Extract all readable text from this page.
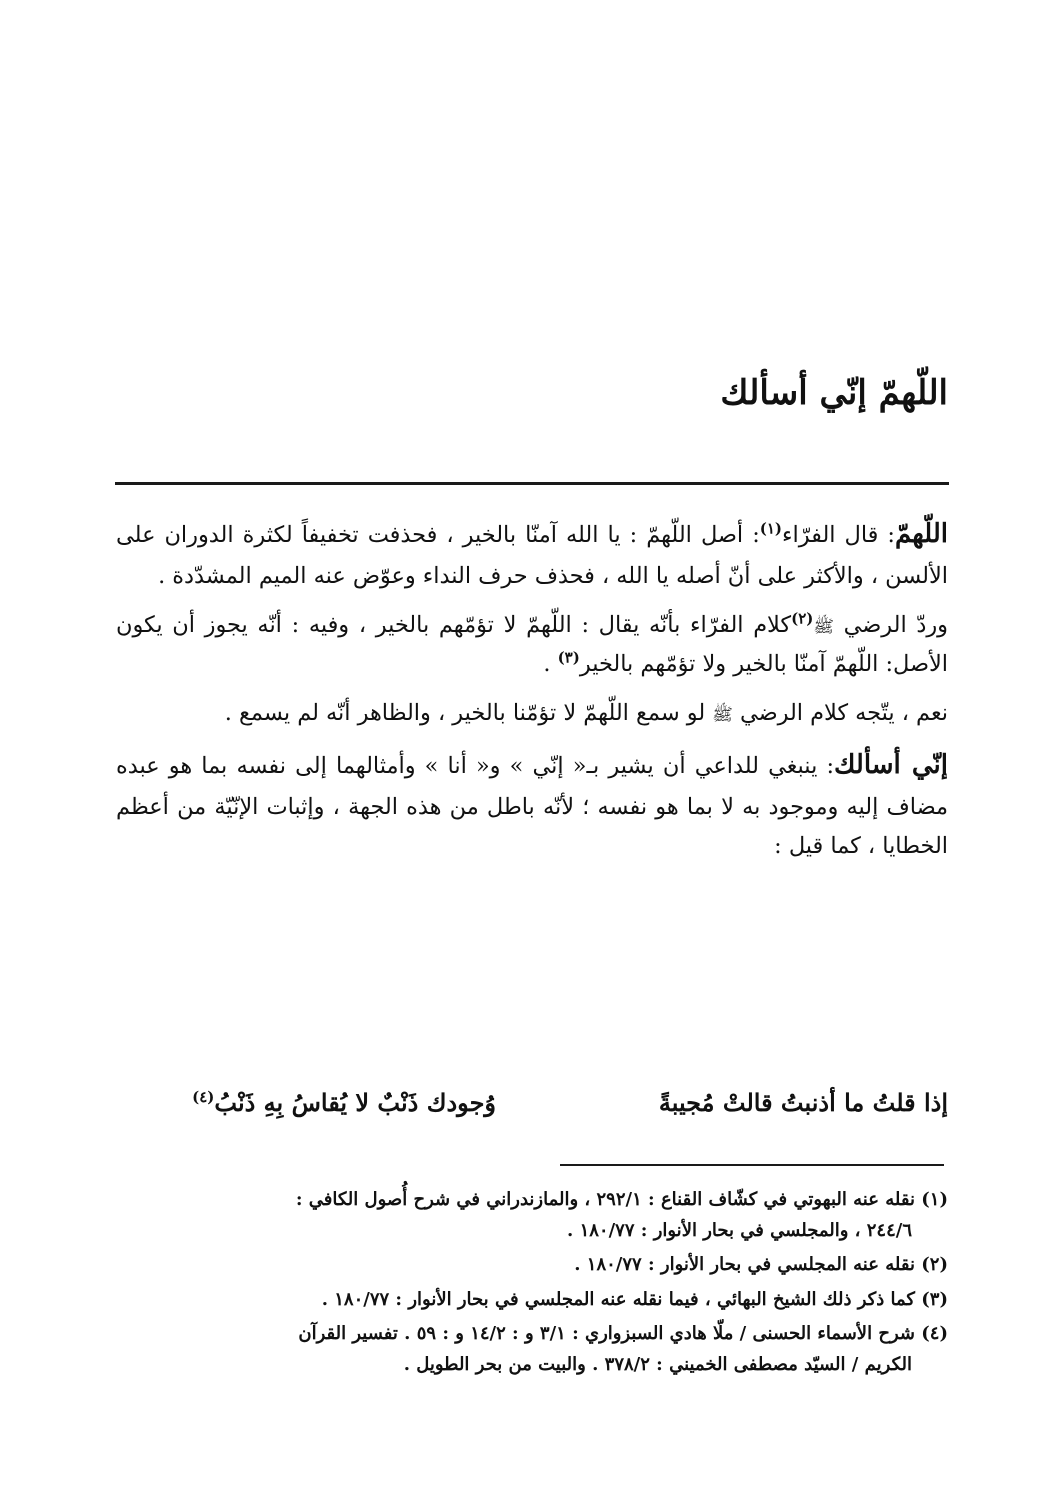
اللّهمّ إنّي أسألك

اللّهمّ: قال الفرّاء$^{(١)}$: أصل اللّهمّ : يا الله آمنّا بالخير ، فحذفت تخفيفاً لكثرة الدوران على الألسن ، والأكثر على أنّ أصله يا الله ، فحذف حرف النداء وعوّض عنه الميم المشدّدة .

وردّ الرضي ﷺ$^{(٢)}$كلام الفرّاء بأنّه يقال : اللّهمّ لا تؤمّهم بالخير ، وفيه : أنّه يجوز أن يكون الأصل: اللّهمّ آمنّا بالخير ولا تؤمّهم بالخير$^{(٣)}$ .

نعم ، يتّجه كلام الرضي ﷺ لو سمع اللّهمّ لا تؤمّنا بالخير ، والظاهر أنّه لم يسمع .

إنّي أسألك: ينبغي للداعي أن يشير بـ« إنّي » و« أنا » وأمثالهما إلى نفسه بما هو عبده مضاف إليه وموجود به لا بما هو نفسه ؛ لأنّه باطل من هذه الجهة ، وإثبات الإنّيّة من أعظم الخطايا ، كما قيل :

إذا قلتُ ما أذنبتُ قالتْ مُجيبةً
وُجودك ذَنْبٌ لا يُقاسُ بِهِ ذَنْبُ$^{(٤)}$
(١) نقله عنه البهوتي في كشّاف القناع : ٢٩٢/١ ، والمازندراني في شرح أُصول الكافي :
٢٤٤/٦ ، والمجلسي في بحار الأنوار : ١٨٠/٧٧ .
(٢) نقله عنه المجلسي في بحار الأنوار : ١٨٠/٧٧ .
(٣) كما ذكر ذلك الشيخ البهائي ، فيما نقله عنه المجلسي في بحار الأنوار : ١٨٠/٧٧ .
(٤) شرح الأسماء الحسنى / ملّا هادي السبزواري : ٣/١ و : ١٤/٢ و : ٥٩ . تفسير القرآن
الكريم / السيّد مصطفى الخميني : ٣٧٨/٢ . والبيت من بحر الطويل .
